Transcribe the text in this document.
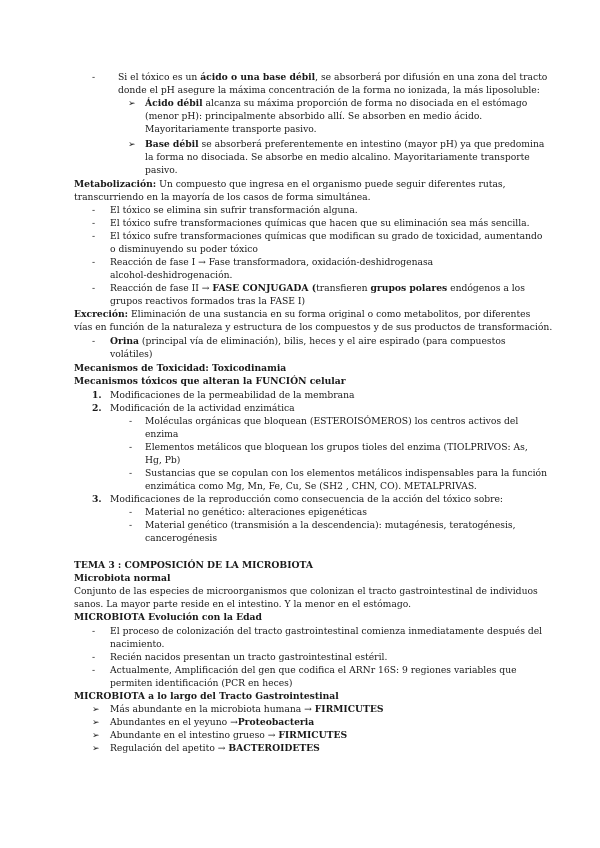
- Si el tóxico es un ácido o una base débil, se absorberá por difusión en una zona del tracto
donde el pH asegure la máxima concentración de la forma no ionizada, la más liposoluble:
➢ Ácido débil alcanza su máxima proporción de forma no disociada en el estómago
(menor pH): principalmente absorbido allí. Se absorben en medio ácido.
Mayoritariamente transporte pasivo.
➢ Base débil se absorberá preferentemente en intestino (mayor pH) ya que predomina
la forma no disociada. Se absorbe en medio alcalino. Mayoritariamente transporte
pasivo.
Metabolización: Un compuesto que ingresa en el organismo puede seguir diferentes rutas,
transcurriendo en la mayoría de los casos de forma simultánea.
- El tóxico se elimina sin sufrir transformación alguna.
- El tóxico sufre transformaciones químicas que hacen que su eliminación sea más sencilla.
- El tóxico sufre transformaciones químicas que modifican su grado de toxicidad, aumentando
o disminuyendo su poder tóxico
- Reacción de fase I → Fase transformadora, oxidación-deshidrogenasa
alcohol-deshidrogenación.
- Reacción de fase II → FASE CONJUGADA (transfieren grupos polares endógenos a los
grupos reactivos formados tras la FASE I)
Excreción: Eliminación de una sustancia en su forma original o como metabolitos, por diferentes
vías en función de la naturaleza y estructura de los compuestos y de sus productos de transformación.
- Orina (principal vía de eliminación), bilis, heces y el aire espirado (para compuestos
volátiles)
Mecanismos de Toxicidad: Toxicodinamia
Mecanismos tóxicos que alteran la FUNCIÓN celular
1. Modificaciones de la permeabilidad de la membrana
2. Modificación de la actividad enzimática
- Moléculas orgánicas que bloquean (ESTEROISÓMEROS) los centros activos del
enzima
- Elementos metálicos que bloquean los grupos tioles del enzima (TIOLPRIVOS: As,
Hg, Pb)
- Sustancias que se copulan con los elementos metálicos indispensables para la función
enzimática como Mg, Mn, Fe, Cu, Se (SH2 , CHN, CO). METALPRIVAS.
3. Modificaciones de la reproducción como consecuencia de la acción del tóxico sobre:
- Material no genético: alteraciones epigenéticas
- Material genético (transmisión a la descendencia): mutagénesis, teratogénesis,
cancerogénesis
TEMA 3 : COMPOSICIÓN DE LA MICROBIOTA
Microbiota normal
Conjunto de las especies de microorganismos que colonizan el tracto gastrointestinal de individuos
sanos. La mayor parte reside en el intestino. Y la menor en el estómago.
MICROBIOTA Evolución con la Edad
- El proceso de colonización del tracto gastrointestinal comienza inmediatamente después del
nacimiento.
- Recién nacidos presentan un tracto gastrointestinal estéril.
- Actualmente, Amplificación del gen que codifica el ARNr 16S: 9 regiones variables que
permiten identificación (PCR en heces)
MICROBIOTA a lo largo del Tracto Gastrointestinal
➢ Más abundante en la microbiota humana → FIRMICUTES
➢ Abundantes en el yeyuno →Proteobacteria
➢ Abundante en el intestino grueso → FIRMICUTES
➢ Regulación del apetito → BACTEROIDETES
